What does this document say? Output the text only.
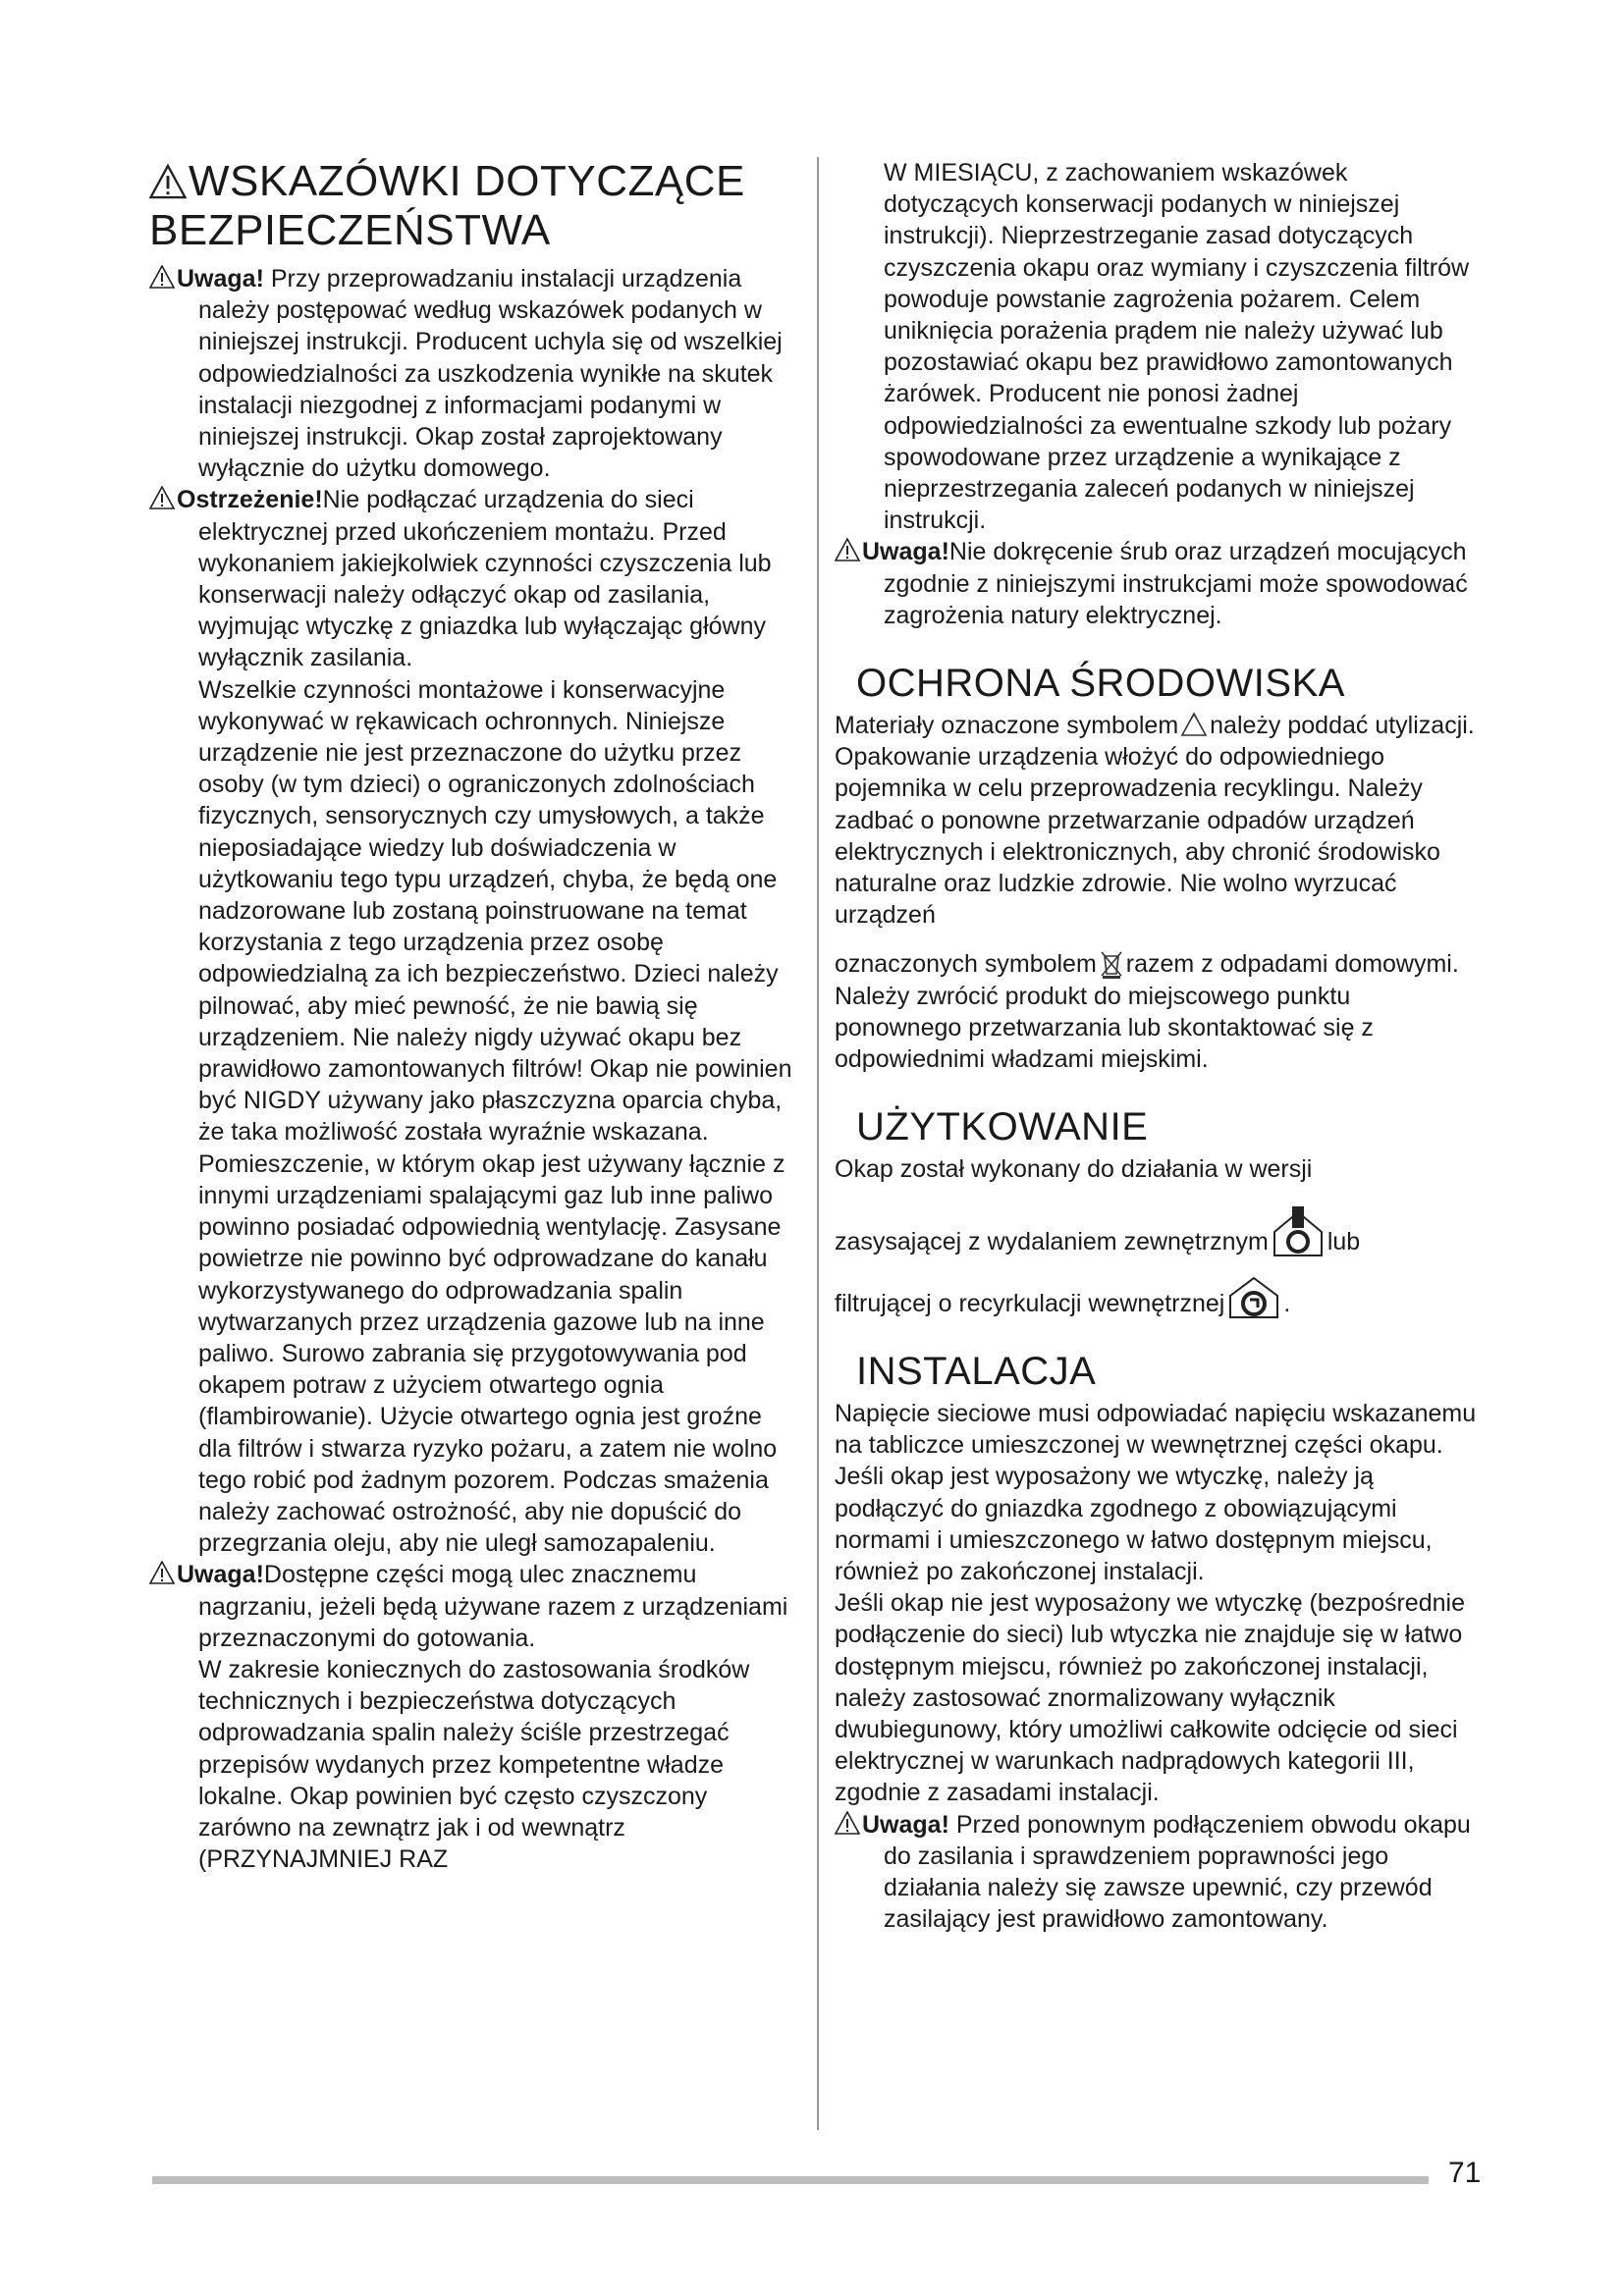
WSKAZÓWKI DOTYCZĄCE
BEZPIECZEŃSTWA

Uwaga! Przy przeprowadzaniu instalacji urządzenia należy postępować według wskazówek podanych w niniejszej instrukcji. Producent uchyla się od wszelkiej odpowiedzialności za uszkodzenia wynikłe na skutek instalacji niezgodnej z informacjami podanymi w niniejszej instrukcji. Okap został zaprojektowany wyłącznie do użytku domowego.

Ostrzeżenie!Nie podłączać urządzenia do sieci elektrycznej przed ukończeniem montażu. Przed wykonaniem jakiejkolwiek czynności czyszczenia lub konserwacji należy odłączyć okap od zasilania, wyjmując wtyczkę z gniazdka lub wyłączając główny wyłącznik zasilania.

Wszelkie czynności montażowe i konserwacyjne wykonywać w rękawicach ochronnych. Niniejsze urządzenie nie jest przeznaczone do użytku przez osoby (w tym dzieci) o ograniczonych zdolnościach fizycznych, sensorycznych czy umysłowych, a także nieposiadające wiedzy lub doświadczenia w użytkowaniu tego typu urządzeń, chyba, że będą one nadzorowane lub zostaną poinstruowane na temat korzystania z tego urządzenia przez osobę odpowiedzialną za ich bezpieczeństwo. Dzieci należy pilnować, aby mieć pewność, że nie bawią się urządzeniem. Nie należy nigdy używać okapu bez prawidłowo zamontowanych filtrów! Okap nie powinien być NIGDY używany jako płaszczyzna oparcia chyba, że taka możliwość została wyraźnie wskazana. Pomieszczenie, w którym okap jest używany łącznie z innymi urządzeniami spalającymi gaz lub inne paliwo powinno posiadać odpowiednią wentylację. Zasysane powietrze nie powinno być odprowadzane do kanału wykorzystywanego do odprowadzania spalin wytwarzanych przez urządzenia gazowe lub na inne paliwo. Surowo zabrania się przygotowywania pod okapem potraw z użyciem otwartego ognia (flambirowanie). Użycie otwartego ognia jest groźne dla filtrów i stwarza ryzyko pożaru, a zatem nie wolno tego robić pod żadnym pozorem. Podczas smażenia należy zachować ostrożność, aby nie dopuścić do przegrzania oleju, aby nie uległ samozapaleniu.

Uwaga!Dostępne części mogą ulec znacznemu nagrzaniu, jeżeli będą używane razem z urządzeniami przeznaczonymi do gotowania.

W zakresie koniecznych do zastosowania środków technicznych i bezpieczeństwa dotyczących odprowadzania spalin należy ściśle przestrzegać przepisów wydanych przez kompetentne władze lokalne. Okap powinien być często czyszczony zarówno na zewnątrz jak i od wewnątrz (PRZYNAJMNIEJ RAZ

W MIESIĄCU, z zachowaniem wskazówek dotyczących konserwacji podanych w niniejszej instrukcji). Nieprzestrzeganie zasad dotyczących czyszczenia okapu oraz wymiany i czyszczenia filtrów powoduje powstanie zagrożenia pożarem. Celem uniknięcia porażenia prądem nie należy używać lub pozostawiać okapu bez prawidłowo zamontowanych żarówek. Producent nie ponosi żadnej odpowiedzialności za ewentualne szkody lub pożary spowodowane przez urządzenie a wynikające z nieprzestrzegania zaleceń podanych w niniejszej instrukcji.

Uwaga!Nie dokręcenie śrub oraz urządzeń mocujących zgodnie z niniejszymi instrukcjami może spowodować zagrożenia natury elektrycznej.

OCHRONA ŚRODOWISKA

Materiały oznaczone symbolem należy poddać utylizacji. Opakowanie urządzenia włożyć do odpowiedniego pojemnika w celu przeprowadzenia recyklingu. Należy zadbać o ponowne przetwarzanie odpadów urządzeń elektrycznych i elektronicznych, aby chronić środowisko naturalne oraz ludzkie zdrowie. Nie wolno wyrzucać urządzeń

oznaczonych symbolem razem z odpadami domowymi. Należy zwrócić produkt do miejscowego punktu ponownego przetwarzania lub skontaktować się z odpowiednimi władzami miejskimi.

UŻYTKOWANIE

Okap został wykonany do działania w wersji

zasysającej z wydalaniem zewnętrznym lub

filtrującej o recyrkulacji wewnętrznej .

INSTALACJA

Napięcie sieciowe musi odpowiadać napięciu wskazanemu na tabliczce umieszczonej w wewnętrznej części okapu. Jeśli okap jest wyposażony we wtyczkę, należy ją podłączyć do gniazdka zgodnego z obowiązującymi normami i umieszczonego w łatwo dostępnym miejscu, również po zakończonej instalacji.

Jeśli okap nie jest wyposażony we wtyczkę (bezpośrednie podłączenie do sieci) lub wtyczka nie znajduje się w łatwo dostępnym miejscu, również po zakończonej instalacji, należy zastosować znormalizowany wyłącznik dwubiegunowy, który umożliwi całkowite odcięcie od sieci elektrycznej w warunkach nadprądowych kategorii III, zgodnie z zasadami instalacji.

Uwaga! Przed ponownym podłączeniem obwodu okapu do zasilania i sprawdzeniem poprawności jego działania należy się zawsze upewnić, czy przewód zasilający jest prawidłowo zamontowany.

71
